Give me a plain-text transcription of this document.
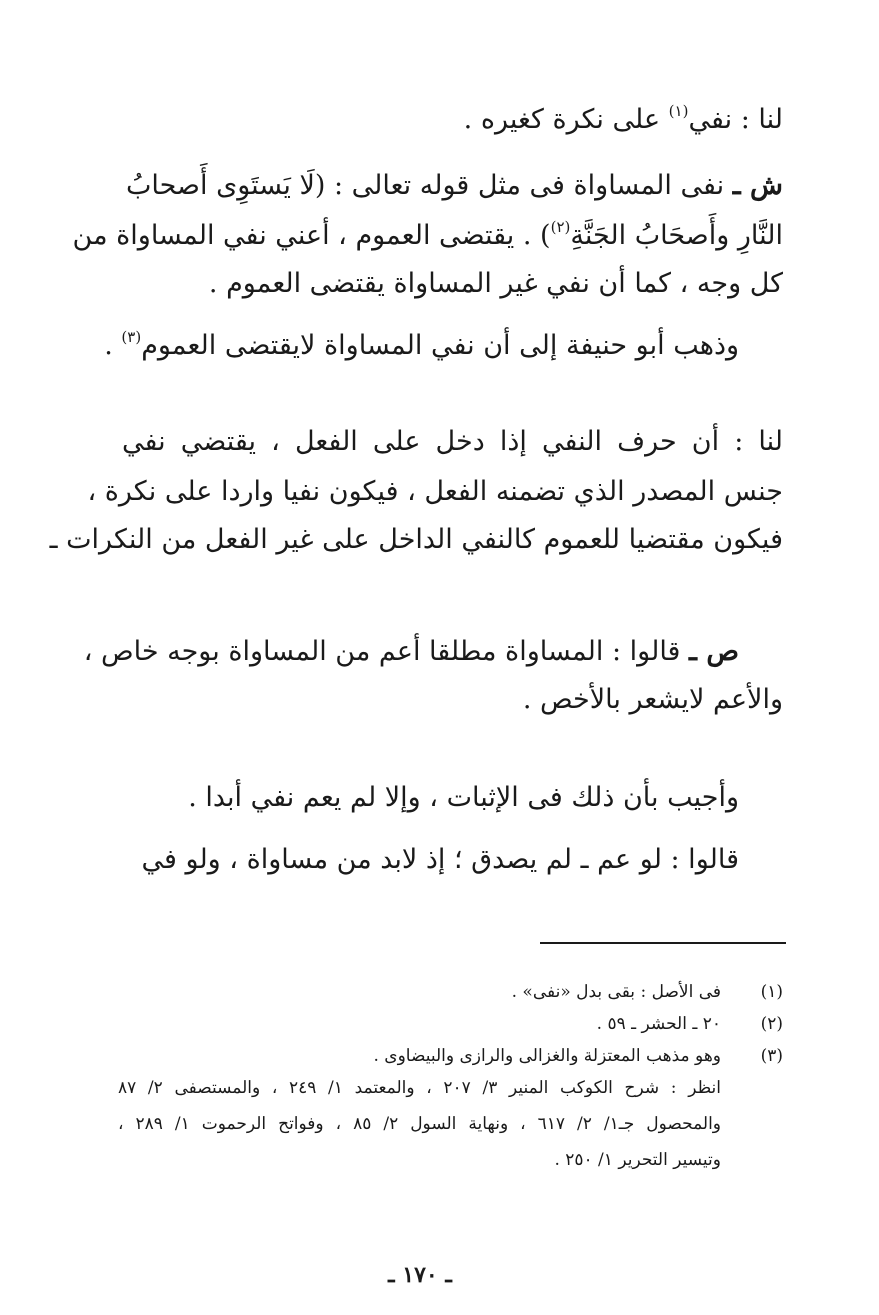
لنا : نفي$^{(١)}$ على نكرة كغيره .
ش ـ نفى المساواة فى مثل قوله تعالى : (لَا يَستَوِى أَصحابُ
النَّارِ وأَصحَابُ الجَنَّةِ$^{(٢)}$) . يقتضى العموم ، أعني نفي المساواة من
كل وجه ، كما أن نفي غير المساواة يقتضى العموم .
وذهب أبو حنيفة إلى أن نفي المساواة لايقتضى العموم$^{(٣)}$ .
لنا : أن حرف النفي إذا دخل على الفعل ، يقتضي نفي
جنس المصدر الذي تضمنه الفعل ، فيكون نفيا واردا على نكرة ،
فيكون مقتضيا للعموم كالنفي الداخل على غير الفعل من النكرات ـ
ص ـ قالوا : المساواة مطلقا أعم من المساواة بوجه خاص ،
والأعم لايشعر بالأخص .
وأجيب بأن ذلك فى الإثبات ، وإلا لم يعم نفي أبدا .
قالوا : لو عم ـ لم يصدق ؛ إذ لابد من مساواة ، ولو في
(١)
فى الأصل : بقى بدل «نفى» .
(٢)
٢٠ ـ الحشر ـ ٥٩ .
(٣)
وهو مذهب المعتزلة والغزالى والرازى والبيضاوى .
انظر : شرح الكوكب المنير ٣/ ٢٠٧ ، والمعتمد ١/ ٢٤٩ ، والمستصفى ٢/ ٨٧
والمحصول جـ١/ ٢/ ٦١٧ ، ونهاية السول ٢/ ٨٥ ، وفواتح الرحموت ١/ ٢٨٩ ،
وتيسير التحرير ١/ ٢٥٠ .
ـ ١٧٠ ـ
